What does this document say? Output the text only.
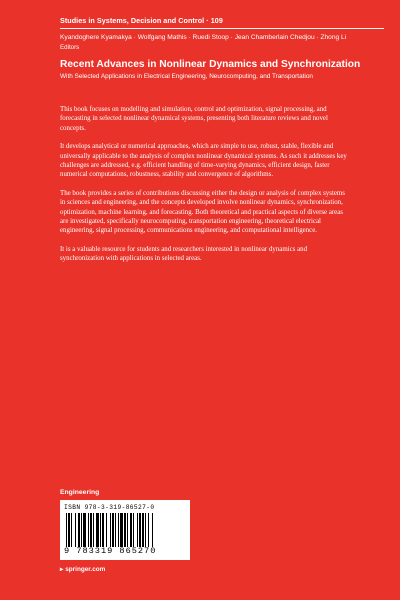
Studies in Systems, Decision and Control · 109
Kyandoghere Kyamakya · Wolfgang Mathis · Ruedi Stoop · Jean Chamberlain Chedjou · Zhong Li
Editors
Recent Advances in Nonlinear Dynamics and Synchronization
With Selected Applications in Electrical Engineering, Neurocomputing, and Transportation

This book focuses on modelling and simulation, control and optimization, signal processing, and forecasting in selected nonlinear dynamical systems, presenting both literature reviews and novel concepts.

It develops analytical or numerical approaches, which are simple to use, robust, stable, flexible and universally applicable to the analysis of complex nonlinear dynamical systems. As such it addresses key challenges are addressed, e.g. efficient handling of time-varying dynamics, efficient design, faster numerical computations, robustness, stability and convergence of algorithms.

The book provides a series of contributions discussing either the design or analysis of complex systems in sciences and engineering, and the concepts developed involve nonlinear dynamics, synchronization, optimization, machine learning, and forecasting. Both theoretical and practical aspects of diverse areas are investigated, specifically neurocomputing, transportation engineering, theoretical electrical engineering, signal processing, communications engineering, and computational intelligence.

It is a valuable resource for students and researchers interested in nonlinear dynamics and synchronization with applications in selected areas.

Engineering
ISBN 978-3-319-86527-0
9 783319 865270
▸ springer.com
